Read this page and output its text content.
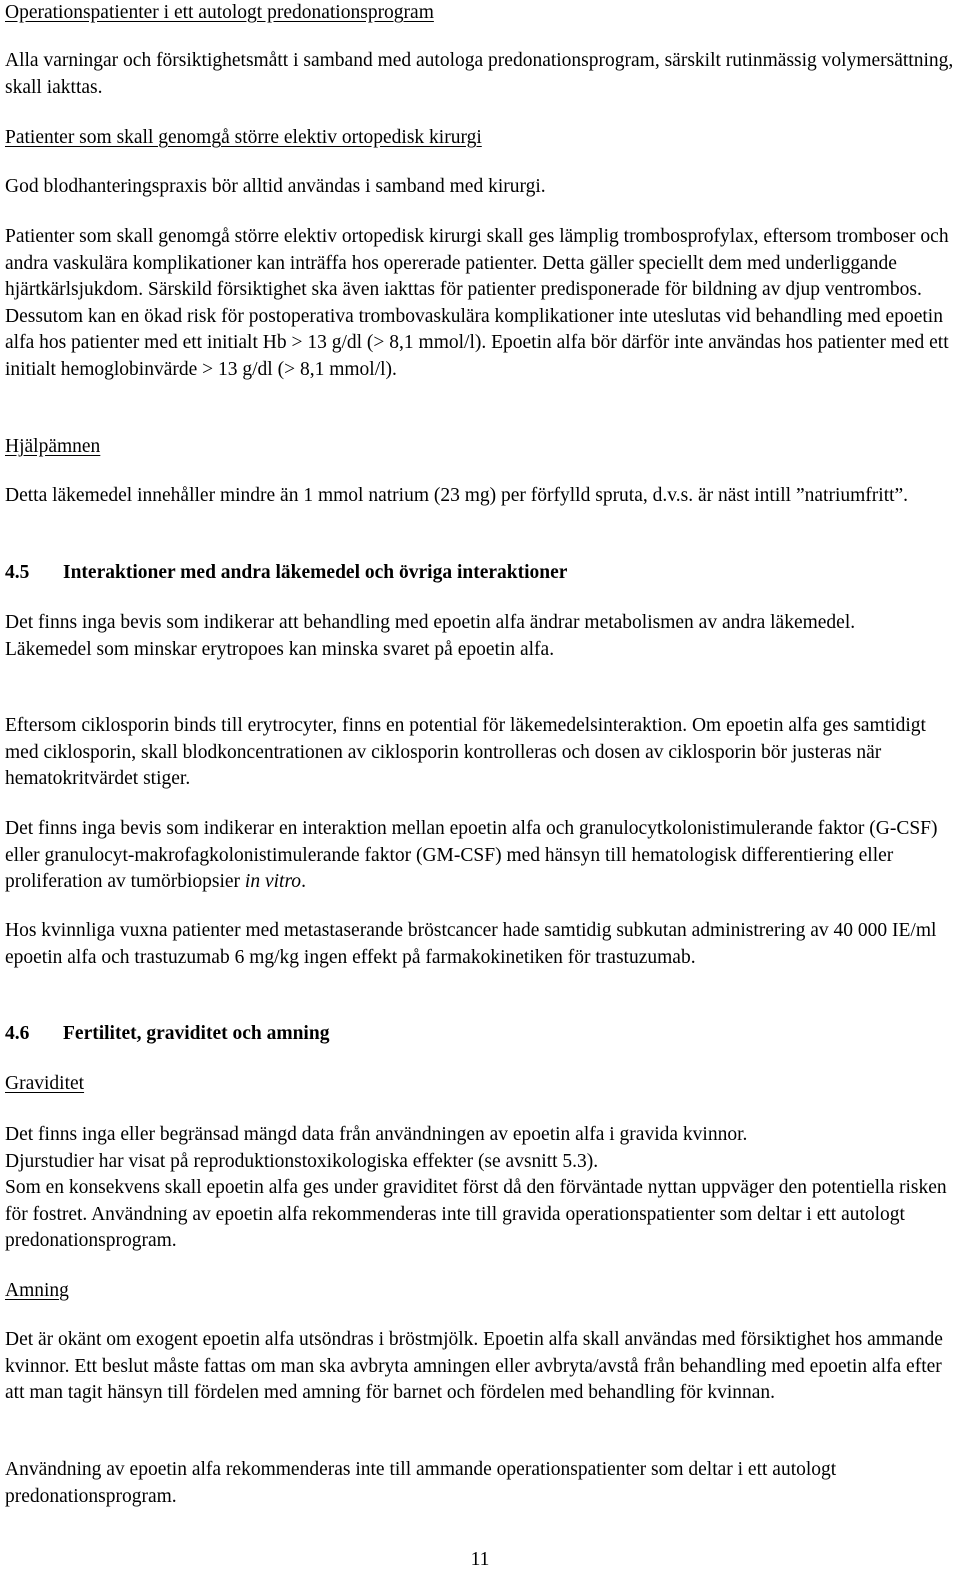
Operationspatienter i ett autologt predonationsprogram

Alla varningar och försiktighetsmått i samband med autologa predonationsprogram, särskilt rutinmässig volymersättning, skall iakttas.

Patienter som skall genomgå större elektiv ortopedisk kirurgi

God blodhanteringspraxis bör alltid användas i samband med kirurgi.

Patienter som skall genomgå större elektiv ortopedisk kirurgi skall ges lämplig trombosprofylax, eftersom tromboser och andra vaskulära komplikationer kan inträffa hos opererade patienter. Detta gäller speciellt dem med underliggande hjärtkärlsjukdom. Särskild försiktighet ska även iakttas för patienter predisponerade för bildning av djup ventrombos. Dessutom kan en ökad risk för postoperativa trombovaskulära komplikationer inte uteslutas vid behandling med epoetin alfa hos patienter med ett initialt Hb > 13 g/dl (> 8,1 mmol/l). Epoetin alfa bör därför inte användas hos patienter med ett initialt hemoglobinvärde > 13 g/dl (> 8,1 mmol/l).

Hjälpämnen

Detta läkemedel innehåller mindre än 1 mmol natrium (23 mg) per förfylld spruta, d.v.s. är näst intill ”natriumfritt”.

4.5 Interaktioner med andra läkemedel och övriga interaktioner

Det finns inga bevis som indikerar att behandling med epoetin alfa ändrar metabolismen av andra läkemedel.
Läkemedel som minskar erytropoes kan minska svaret på epoetin alfa.

Eftersom ciklosporin binds till erytrocyter, finns en potential för läkemedelsinteraktion. Om epoetin alfa ges samtidigt med ciklosporin, skall blodkoncentrationen av ciklosporin kontrolleras och dosen av ciklosporin bör justeras när hematokritvärdet stiger.

Det finns inga bevis som indikerar en interaktion mellan epoetin alfa och granulocytkolonistimulerande faktor (G-CSF) eller granulocyt-makrofagkolonistimulerande faktor (GM-CSF) med hänsyn till hematologisk differentiering eller proliferation av tumörbiopsier in vitro.

Hos kvinnliga vuxna patienter med metastaserande bröstcancer hade samtidig subkutan administrering av 40 000 IE/ml epoetin alfa och trastuzumab 6 mg/kg ingen effekt på farmakokinetiken för trastuzumab.

4.6 Fertilitet, graviditet och amning

Graviditet

Det finns inga eller begränsad mängd data från användningen av epoetin alfa i gravida kvinnor.
Djurstudier har visat på reproduktionstoxikologiska effekter (se avsnitt 5.3).
Som en konsekvens skall epoetin alfa ges under graviditet först då den förväntade nyttan uppväger den potentiella risken för fostret. Användning av epoetin alfa rekommenderas inte till gravida operationspatienter som deltar i ett autologt predonationsprogram.

Amning

Det är okänt om exogent epoetin alfa utsöndras i bröstmjölk. Epoetin alfa skall användas med försiktighet hos ammande kvinnor. Ett beslut måste fattas om man ska avbryta amningen eller avbryta/avstå från behandling med epoetin alfa efter att man tagit hänsyn till fördelen med amning för barnet och fördelen med behandling för kvinnan.

Användning av epoetin alfa rekommenderas inte till ammande operationspatienter som deltar i ett autologt predonationsprogram.

11
